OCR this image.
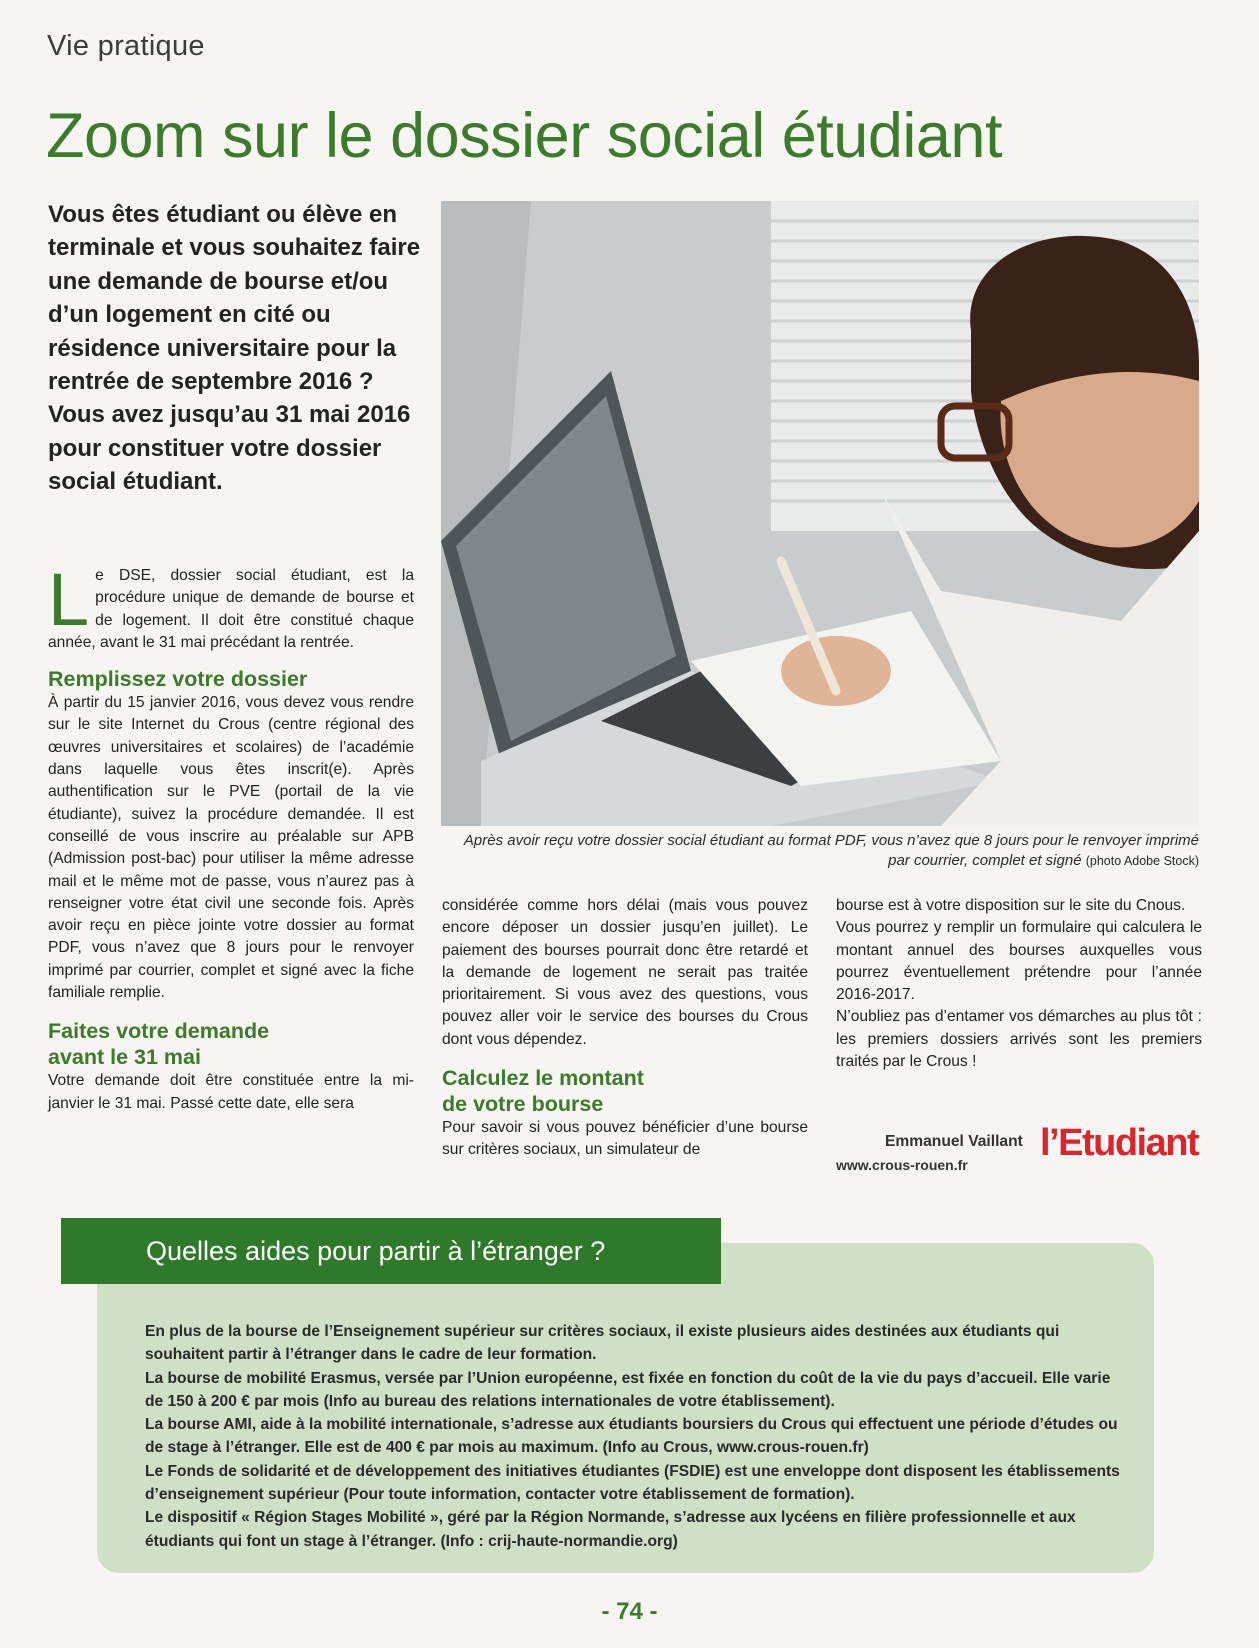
Vie pratique
Zoom sur le dossier social étudiant
Vous êtes étudiant ou élève en terminale et vous souhaitez faire une demande de bourse et/ou d’un logement en cité ou résidence universitaire pour la rentrée de septembre 2016 ? Vous avez jusqu’au 31 mai 2016 pour constituer votre dossier social étudiant.
Après avoir reçu votre dossier social étudiant au format PDF, vous n’avez que 8 jours pour le renvoyer imprimé par courrier, complet et signé (photo Adobe Stock)

Le DSE, dossier social étudiant, est la procédure unique de demande de bourse et de logement. Il doit être constitué chaque année, avant le 31 mai précédant la rentrée.

Remplissez votre dossier

À partir du 15 janvier 2016, vous devez vous rendre sur le site Internet du Crous (centre régional des œuvres universitaires et scolaires) de l’académie dans laquelle vous êtes inscrit(e). Après authentification sur le PVE (portail de la vie étudiante), suivez la procédure demandée. Il est conseillé de vous inscrire au préalable sur APB (Admission post-bac) pour utiliser la même adresse mail et le même mot de passe, vous n’aurez pas à renseigner votre état civil une seconde fois. Après avoir reçu en pièce jointe votre dossier au format PDF, vous n’avez que 8 jours pour le renvoyer imprimé par courrier, complet et signé avec la fiche familiale remplie.

Faites votre demande
avant le 31 mai

Votre demande doit être constituée entre la mi-janvier le 31 mai. Passé cette date, elle sera

considérée comme hors délai (mais vous pouvez encore déposer un dossier jusqu’en juillet). Le paiement des bourses pourrait donc être retardé et la demande de logement ne serait pas traitée prioritairement. Si vous avez des questions, vous pouvez aller voir le service des bourses du Crous dont vous dépendez.

Calculez le montant
de votre bourse

Pour savoir si vous pouvez bénéficier d’une bourse sur critères sociaux, un simulateur de

bourse est à votre disposition sur le site du Cnous.

Vous pourrez y remplir un formulaire qui calculera le montant annuel des bourses auxquelles vous pourrez éventuellement prétendre pour l’année 2016-2017.

N’oubliez pas d’entamer vos démarches au plus tôt : les premiers dossiers arrivés sont les premiers traités par le Crous !

Emmanuel Vaillant
www.crous-rouen.fr
l’Etudiant
Quelles aides pour partir à l’étranger ?

En plus de la bourse de l’Enseignement supérieur sur critères sociaux, il existe plusieurs aides destinées aux étudiants qui souhaitent partir à l’étranger dans le cadre de leur formation.

La bourse de mobilité Erasmus, versée par l’Union européenne, est fixée en fonction du coût de la vie du pays d’accueil. Elle varie de 150 à 200 € par mois (Info au bureau des relations internationales de votre établissement).

La bourse AMI, aide à la mobilité internationale, s’adresse aux étudiants boursiers du Crous qui effectuent une période d’études ou de stage à l’étranger. Elle est de 400 € par mois au maximum. (Info au Crous, www.crous-rouen.fr)

Le Fonds de solidarité et de développement des initiatives étudiantes (FSDIE) est une enveloppe dont disposent les établissements d’enseignement supérieur (Pour toute information, contacter votre établissement de formation).

Le dispositif « Région Stages Mobilité », géré par la Région Normande, s’adresse aux lycéens en filière professionnelle et aux étudiants qui font un stage à l’étranger. (Info : crij-haute-normandie.org)

- 74 -
